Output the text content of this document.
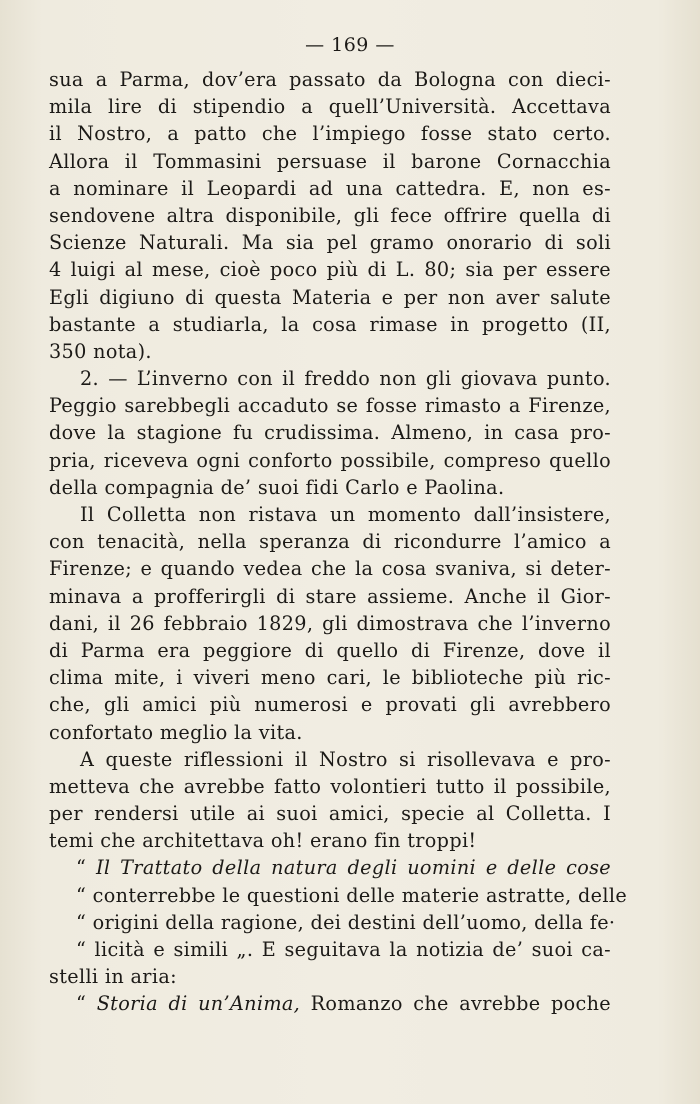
— 169 —
sua a Parma, dov’era passato da Bologna con dieci-
mila lire di stipendio a quell’Università. Accettava
il Nostro, a patto che l’impiego fosse stato certo.
Allora il Tommasini persuase il barone Cornacchia
a nominare il Leopardi ad una cattedra. E, non es-
sendovene altra disponibile, gli fece offrire quella di
Scienze Naturali. Ma sia pel gramo onorario di soli
4 luigi al mese, cioè poco più di L. 80; sia per essere
Egli digiuno di questa Materia e per non aver salute
bastante a studiarla, la cosa rimase in progetto (II,
350 nota).
2. — L’inverno con il freddo non gli giovava punto.
Peggio sarebbegli accaduto se fosse rimasto a Firenze,
dove la stagione fu crudissima. Almeno, in casa pro-
pria, riceveva ogni conforto possibile, compreso quello
della compagnia de’ suoi fidi Carlo e Paolina.
Il Colletta non ristava un momento dall’insistere,
con tenacità, nella speranza di ricondurre l’amico a
Firenze; e quando vedea che la cosa svaniva, si deter-
minava a profferirgli di stare assieme. Anche il Gior-
dani, il 26 febbraio 1829, gli dimostrava che l’inverno
di Parma era peggiore di quello di Firenze, dove il
clima mite, i viveri meno cari, le biblioteche più ric-
che, gli amici più numerosi e provati gli avrebbero
confortato meglio la vita.
A queste riflessioni il Nostro si risollevava e pro-
metteva che avrebbe fatto volontieri tutto il possibile,
per rendersi utile ai suoi amici, specie al Colletta. I
temi che architettava oh! erano fin troppi!
“ Il Trattato della natura degli uomini e delle cose
“ conterrebbe le questioni delle materie astratte, delle
“ origini della ragione, dei destini dell’uomo, della fe·
“ licità e simili „. E seguitava la notizia de’ suoi ca-
stelli in aria:
“ Storia di un’Anima, Romanzo che avrebbe poche
